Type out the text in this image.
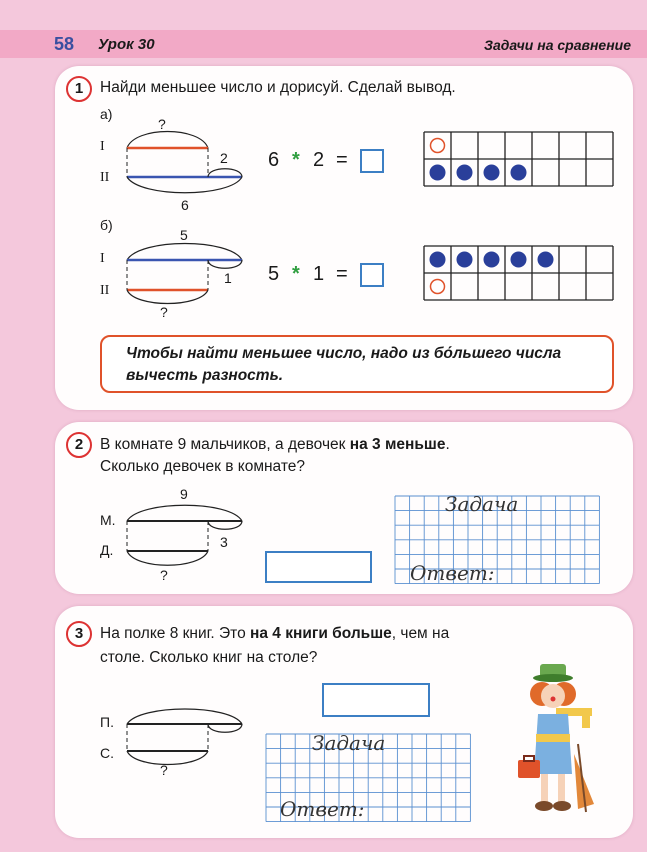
58 Урок 30	Задачи на сравнение
1	Найди меньшее число и дорисуй. Сделай вывод.
а)
?
I
II
2
6
6 * 2 =
б)
5
I
II
1
?
5 * 1 =
Чтобы найти меньшее число, надо из бо́льшего числа вычесть разность.
2	В комнате 9 мальчиков, а девочек на 3 меньше.
Сколько девочек в комнате?
9
М.
Д.	3
?
Задача
Ответ:
3	На полке 8 книг. Это на 4 книги больше, чем на
столе. Сколько книг на столе?
П.
С.
?
Задача
Ответ:
